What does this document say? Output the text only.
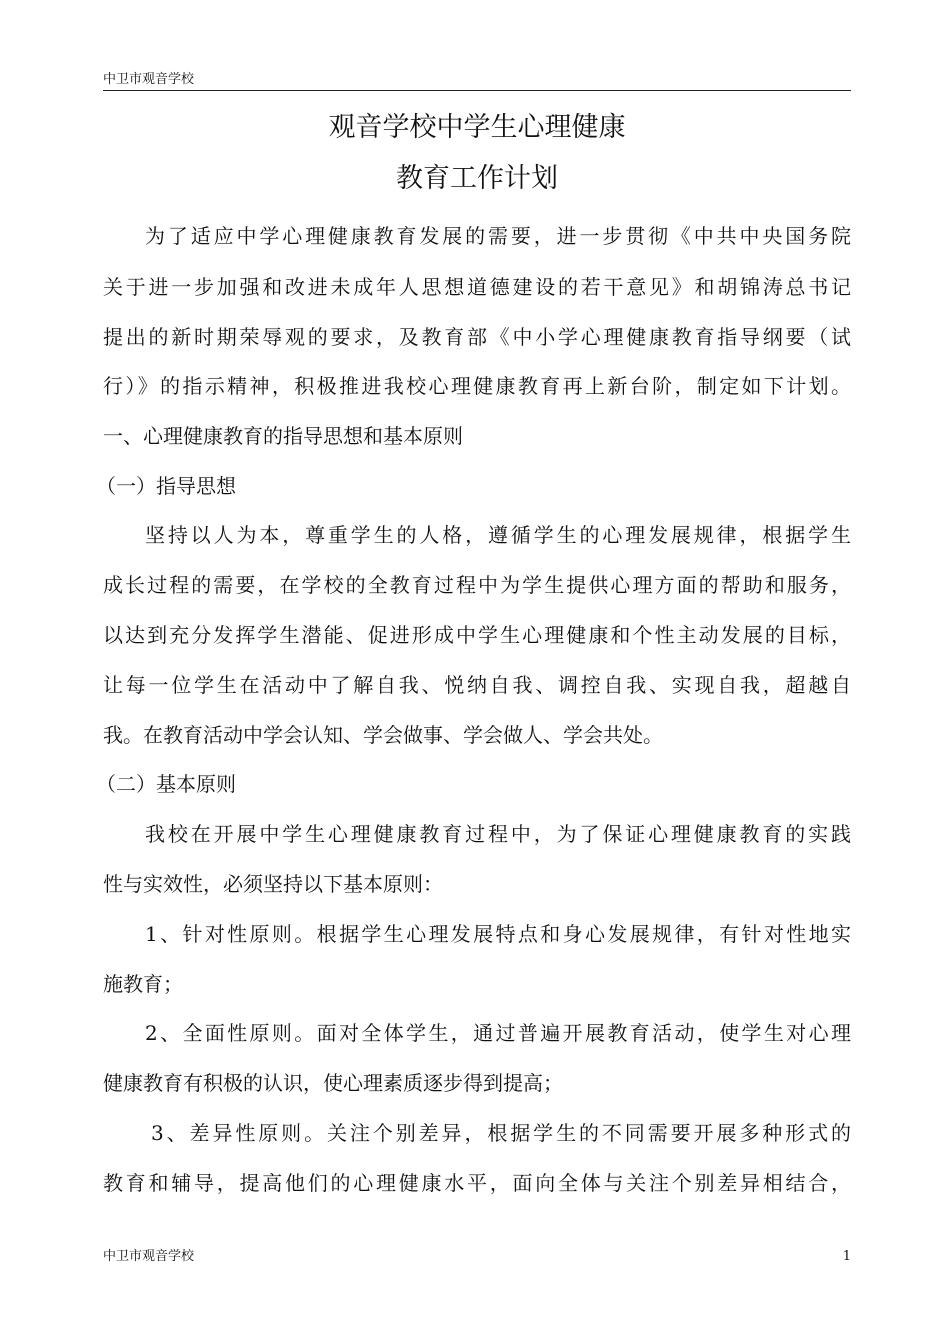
中卫市观音学校
观音学校中学生心理健康
教育工作计划
为了适应中学心理健康教育发展的需要，进一步贯彻《中共中央国务院
关于进一步加强和改进未成年人思想道德建设的若干意见》和胡锦涛总书记
提出的新时期荣辱观的要求，及教育部《中小学心理健康教育指导纲要（试
行）》的指示精神，积极推进我校心理健康教育再上新台阶，制定如下计划。
一、心理健康教育的指导思想和基本原则
（一）指导思想
坚持以人为本，尊重学生的人格，遵循学生的心理发展规律，根据学生
成长过程的需要，在学校的全教育过程中为学生提供心理方面的帮助和服务，
以达到充分发挥学生潜能、促进形成中学生心理健康和个性主动发展的目标，
让每一位学生在活动中了解自我、悦纳自我、调控自我、实现自我，超越自
我。在教育活动中学会认知、学会做事、学会做人、学会共处。
（二）基本原则
我校在开展中学生心理健康教育过程中，为了保证心理健康教育的实践
性与实效性，必须坚持以下基本原则：
1、针对性原则。根据学生心理发展特点和身心发展规律，有针对性地实
施教育；
2、全面性原则。面对全体学生，通过普遍开展教育活动，使学生对心理
健康教育有积极的认识，使心理素质逐步得到提高；
3、差异性原则。关注个别差异，根据学生的不同需要开展多种形式的
教育和辅导，提高他们的心理健康水平，面向全体与关注个别差异相结合，
中卫市观音学校	1
